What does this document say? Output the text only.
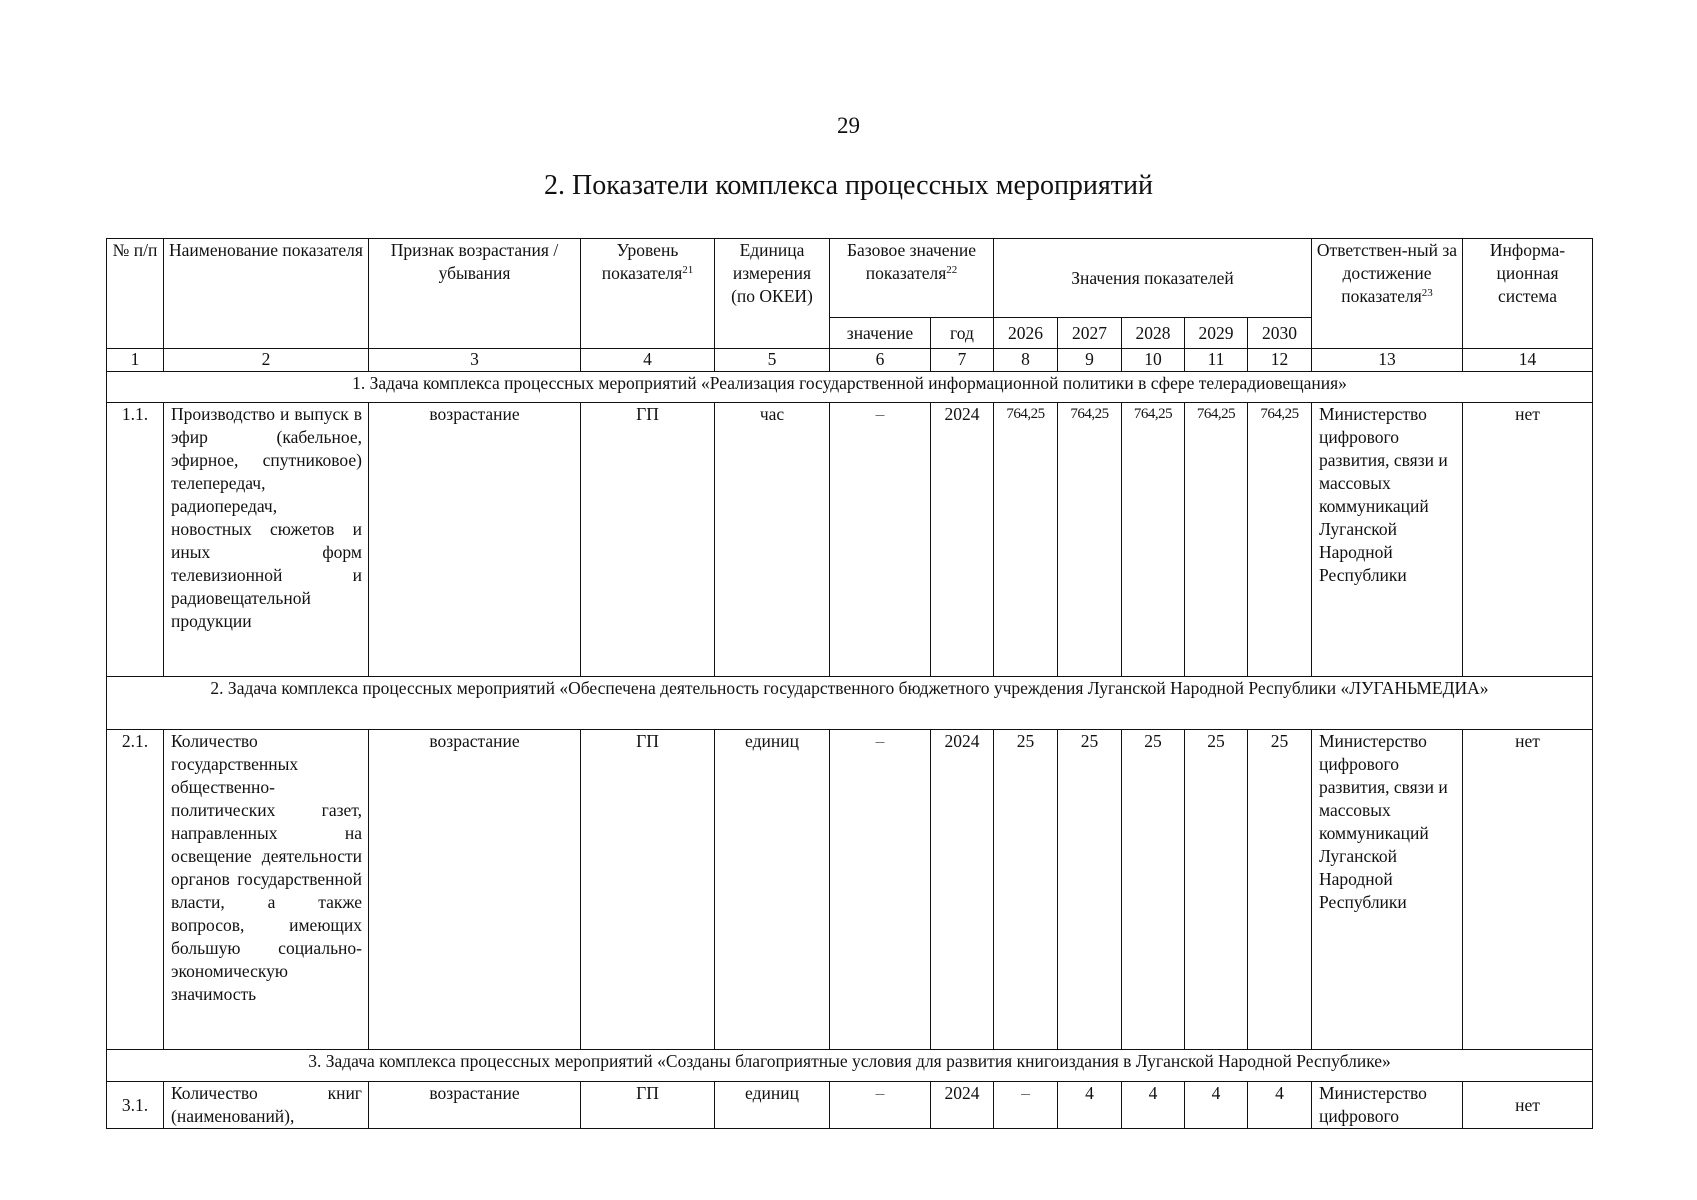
29
2. Показатели комплекса процессных мероприятий
№ п/п	Наименование показателя	Признак возрастания / убывания	Уровень показателя$^{21}$	Единица измерения (по ОКЕИ)	Базовое значение показателя$^{22}$		Значения показателей					Ответствен-ный за достижение показателя$^{23}$	Информа-ционная система
					значение	год	2026	2027	2028	2029	2030		
1	2	3	4	5	6	7	8	9	10	11	12	13	14
1. Задача комплекса процессных мероприятий «Реализация государственной информационной политики в сфере телерадиовещания»													
1.1.	Производство и выпуск в эфир (кабельное, эфирное, спутниковое) телепередач, радиопередач, новостных сюжетов и иных форм телевизионной и радиовещательной продукции	возрастание	ГП	час	–	2024	764,25	764,25	764,25	764,25	764,25	Министерство цифрового развития, связи и массовых коммуникаций Луганской Народной Республики	нет
2. Задача комплекса процессных мероприятий «Обеспечена деятельность государственного бюджетного учреждения Луганской Народной Республики «ЛУГАНЬМЕДИА»													
2.1.	Количество государственных общественно-политических газет, направленных на освещение деятельности органов государственной власти, а также вопросов, имеющих большую социально-экономическую значимость	возрастание	ГП	единиц	–	2024	25	25	25	25	25	Министерство цифрового развития, связи и массовых коммуникаций Луганской Народной Республики	нет
3. Задача комплекса процессных мероприятий «Созданы благоприятные условия для развития книгоиздания в Луганской Народной Республике»													
3.1.	Количество книг (наименований),	возрастание	ГП	единиц	–	2024	–	4	4	4	4	Министерство цифрового	нет
